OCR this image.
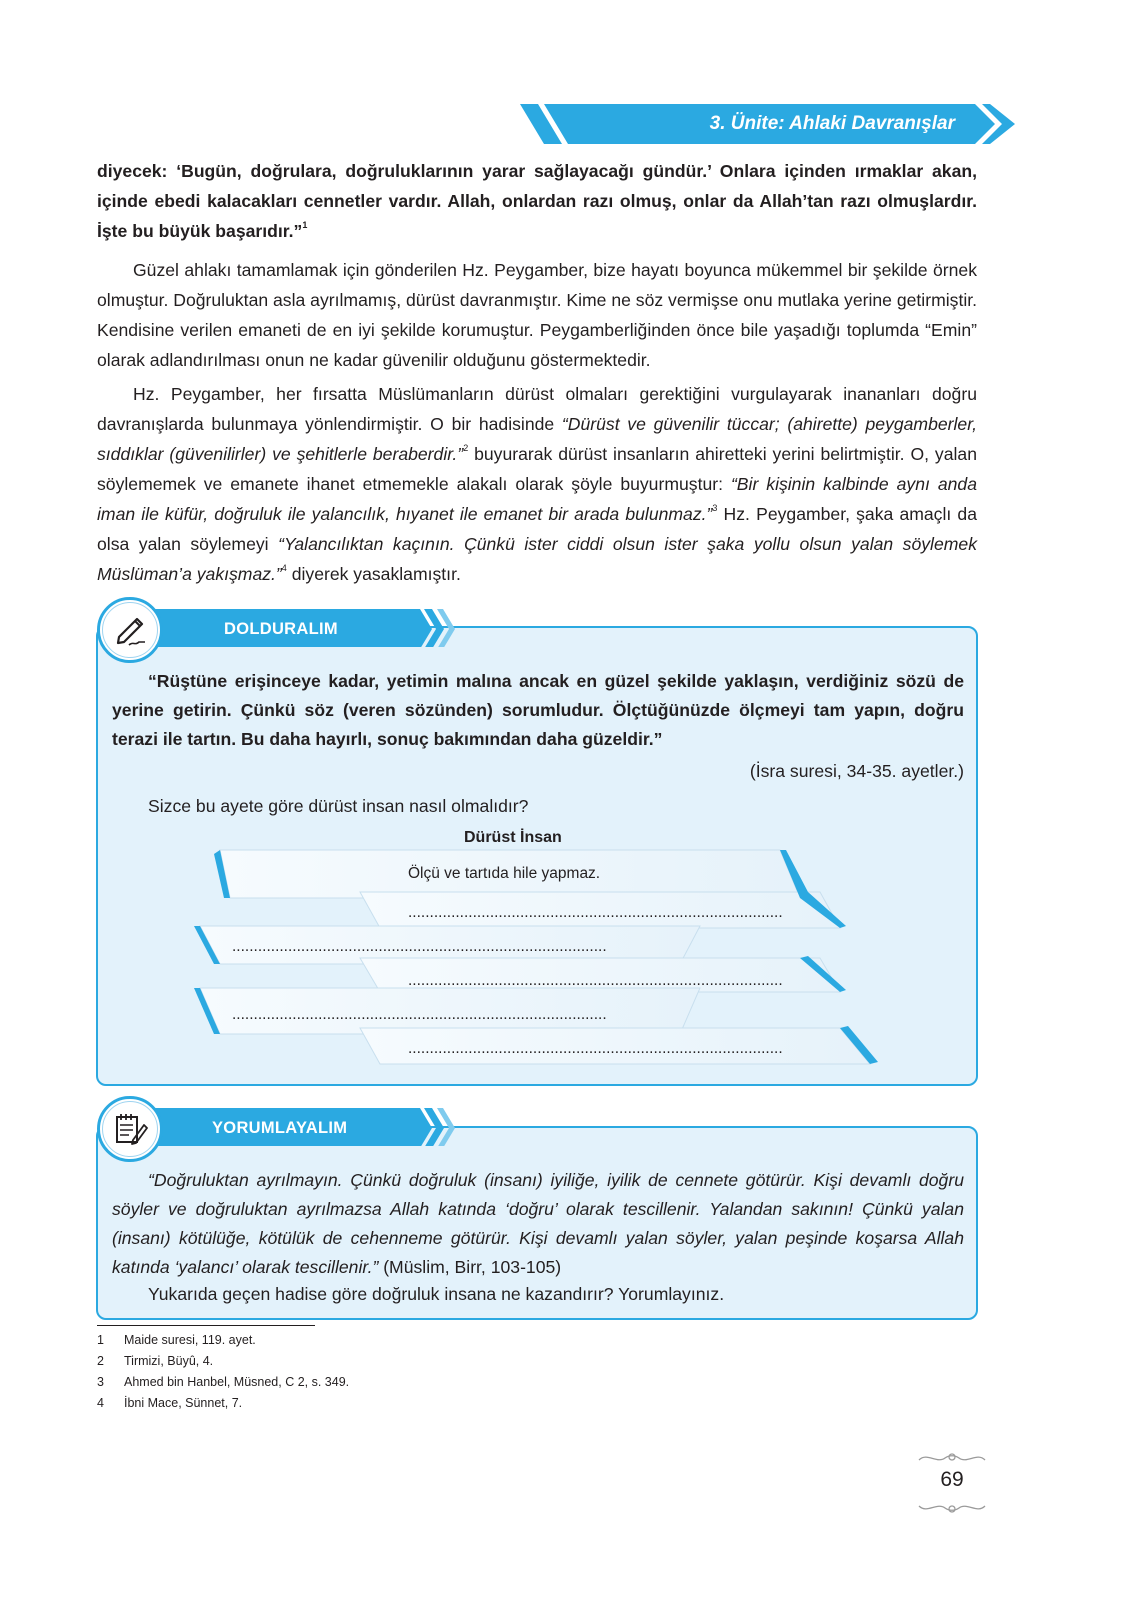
3. Ünite: Ahlaki Davranışlar

diyecek: ‘Bugün, doğrulara, doğruluklarının yarar sağlayacağı gündür.’ Onlara içinden ırmaklar akan, içinde ebedi kalacakları cennetler vardır. Allah, onlardan razı olmuş, onlar da Allah’tan razı olmuşlardır. İşte bu büyük başarıdır.”$^1$

Güzel ahlakı tamamlamak için gönderilen Hz. Peygamber, bize hayatı boyunca mükemmel bir şekilde örnek olmuştur. Doğruluktan asla ayrılmamış, dürüst davranmıştır. Kime ne söz vermişse onu mutlaka yerine getirmiştir. Kendisine verilen emaneti de en iyi şekilde korumuştur. Peygamberliğinden önce bile yaşadığı toplumda “Emin” olarak adlandırılması onun ne kadar güvenilir olduğunu göstermektedir.

Hz. Peygamber, her fırsatta Müslümanların dürüst olmaları gerektiğini vurgulayarak inananları doğru davranışlarda bulunmaya yönlendirmiştir. O bir hadisinde “Dürüst ve güvenilir tüccar; (ahirette) peygamberler, sıddıklar (güvenilirler) ve şehitlerle beraberdir.”$^2$ buyurarak dürüst insanların ahiretteki yerini belirtmiştir. O, yalan söylememek ve emanete ihanet etmemekle alakalı olarak şöyle buyurmuştur: “Bir kişinin kalbinde aynı anda iman ile küfür, doğruluk ile yalancılık, hıyanet ile emanet bir arada bulunmaz.”$^3$ Hz. Peygamber, şaka amaçlı da olsa yalan söylemeyi “Yalancılıktan kaçının. Çünkü ister ciddi olsun ister şaka yollu olsun yalan söylemek Müslüman’a yakışmaz.”$^4$ diyerek yasaklamıştır.

DOLDURALIM

“Rüştüne erişinceye kadar, yetimin malına ancak en güzel şekilde yaklaşın, verdiğiniz sözü de yerine getirin. Çünkü söz (veren sözünden) sorumludur. Ölçtüğünüzde ölçmeyi tam yapın, doğru terazi ile tartın. Bu daha hayırlı, sonuç bakımından daha güzeldir.”

(İsra suresi, 34-35. ayetler.)
Sizce bu ayete göre dürüst insan nasıl olmalıdır?
Dürüst İnsan
Ölçü ve tartıda hile yapmaz.
.......................................................................................
.......................................................................................
.......................................................................................
.......................................................................................
.......................................................................................
YORUMLAYALIM

“Doğruluktan ayrılmayın. Çünkü doğruluk (insanı) iyiliğe, iyilik de cennete götürür. Kişi devamlı doğru söyler ve doğruluktan ayrılmazsa Allah katında ‘doğru’ olarak tescillenir. Yalandan sakının! Çünkü yalan (insanı) kötülüğe, kötülük de cehenneme götürür. Kişi devamlı yalan söyler, yalan peşinde koşarsa Allah katında ‘yalancı’ olarak tescillenir.” (Müslim, Birr, 103-105)

Yukarıda geçen hadise göre doğruluk insana ne kazandırır? Yorumlayınız.
1 Maide suresi, 119. ayet.
2 Tirmizi, Büyû, 4.
3 Ahmed bin Hanbel, Müsned, C 2, s. 349.
4 İbni Mace, Sünnet, 7.
69
